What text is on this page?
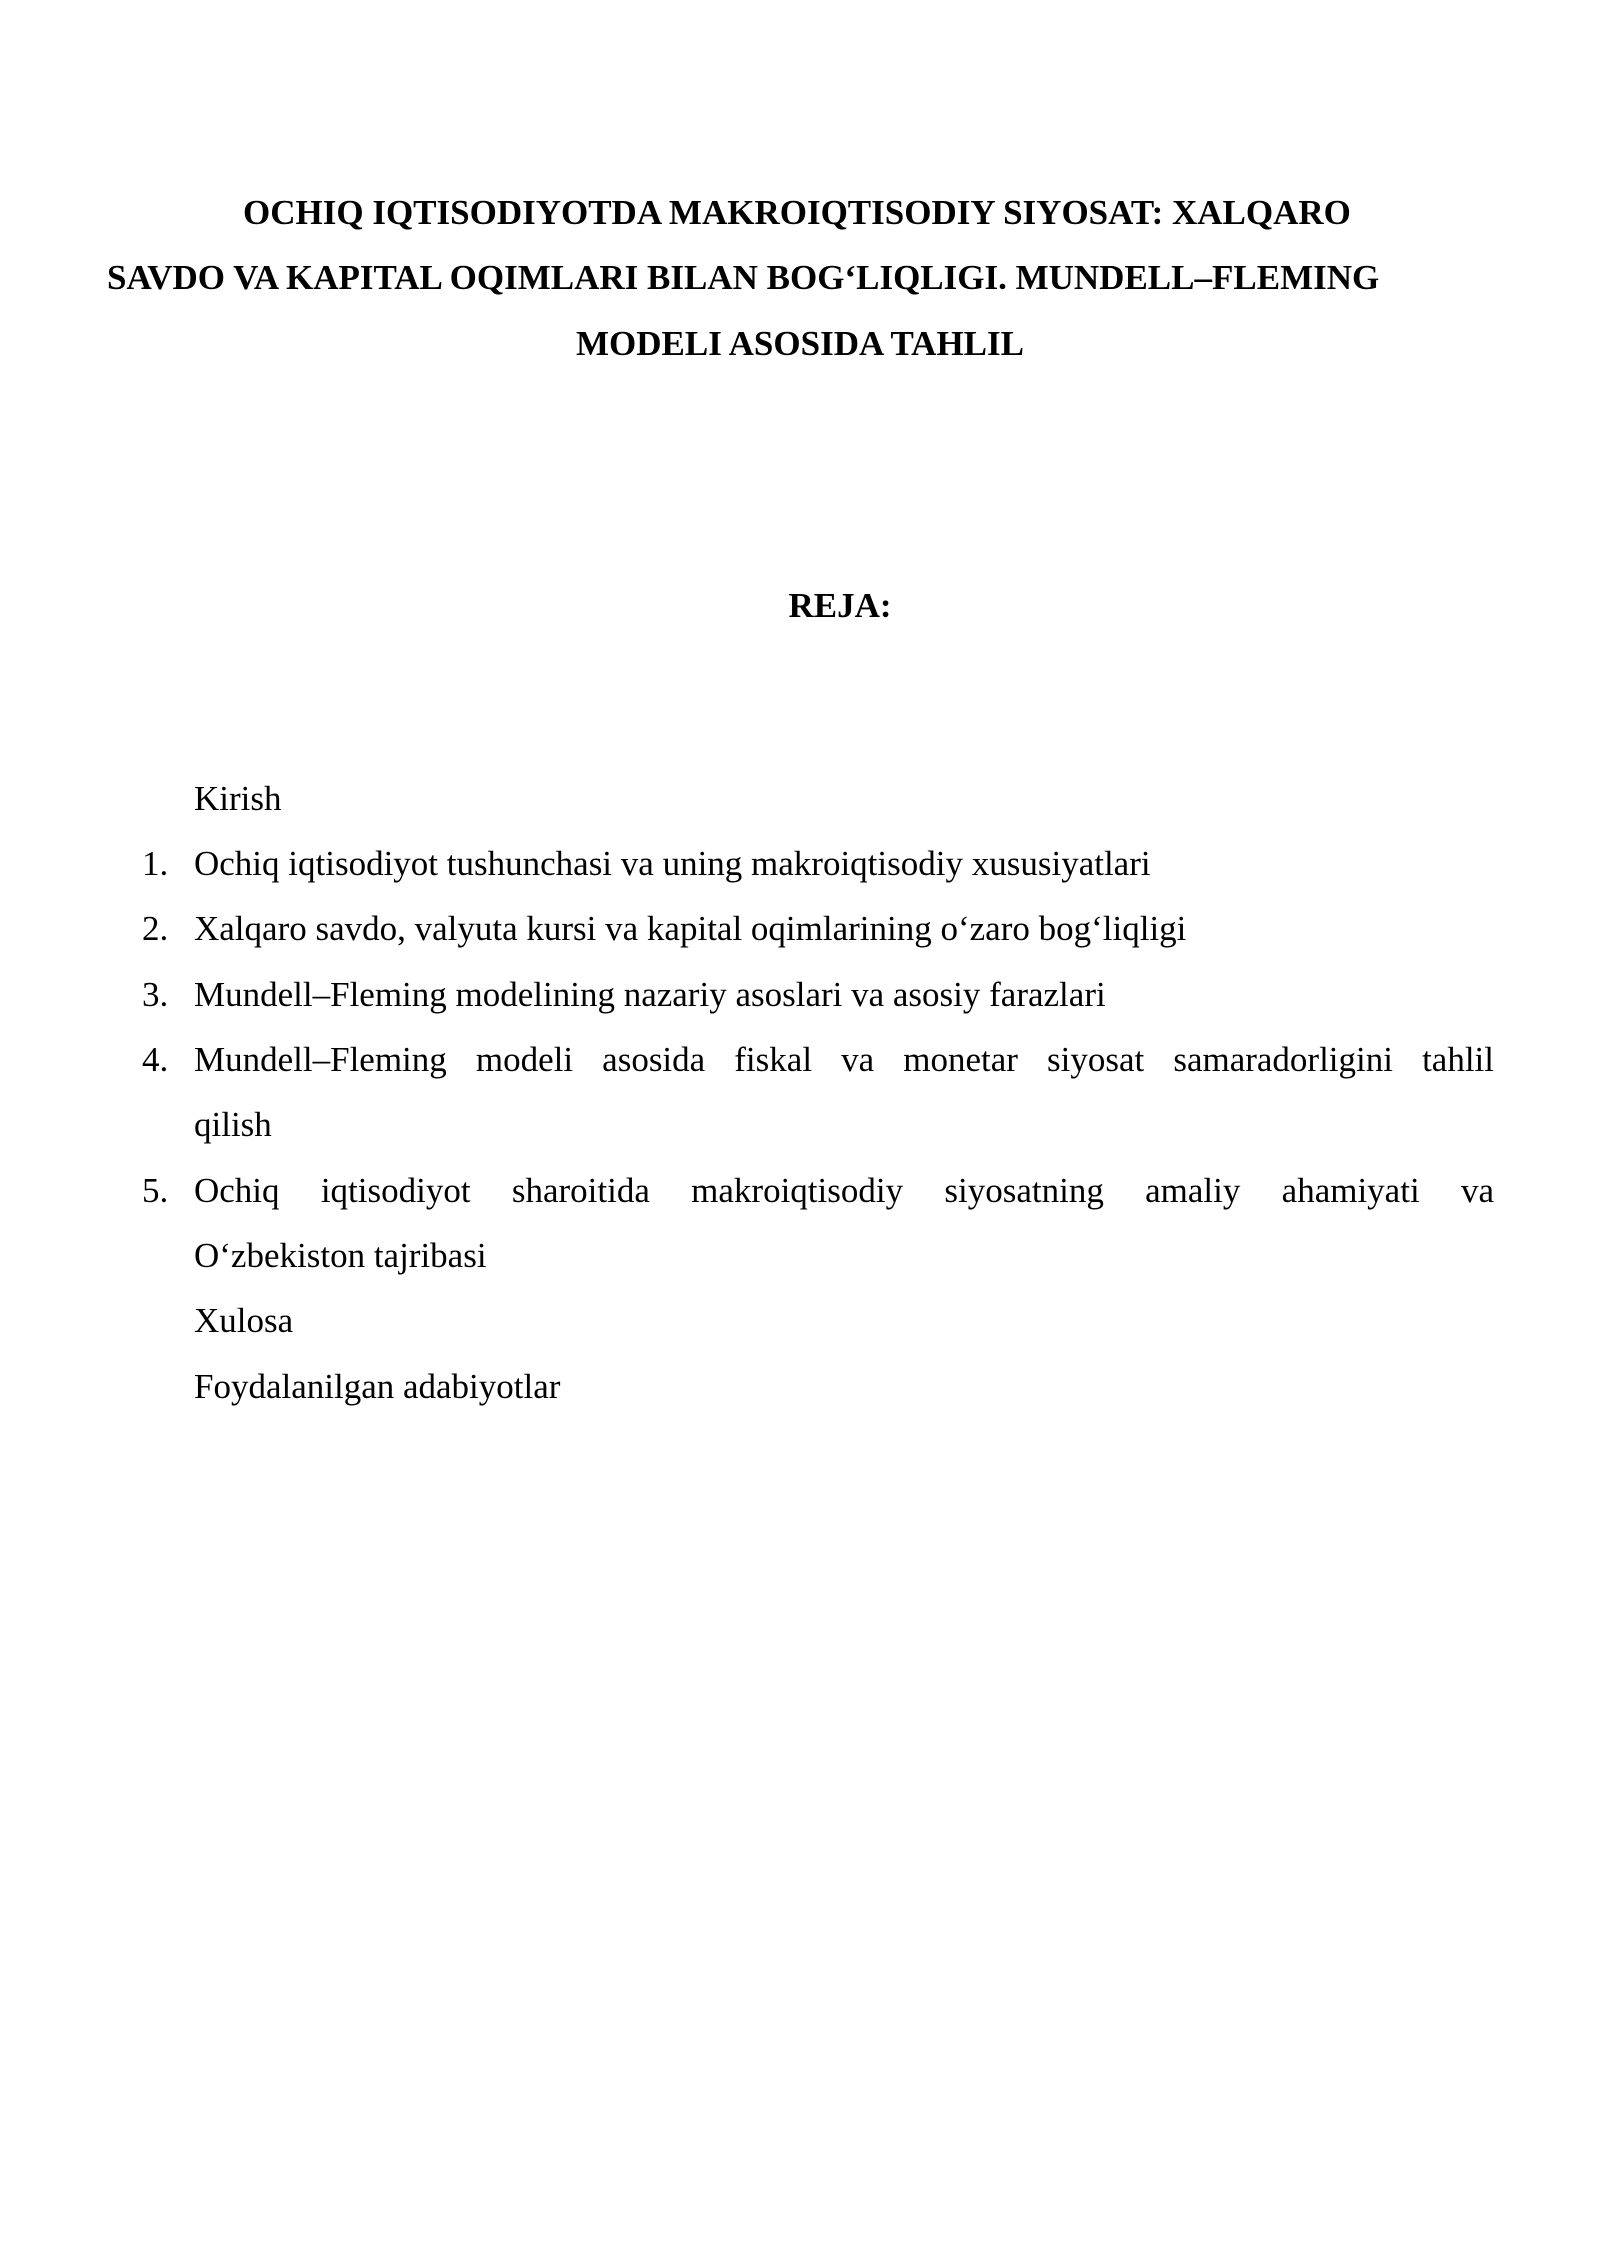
OCHIQ IQTISODIYOTDA MAKROIQTISODIY SIYOSAT: XALQARO
SAVDO VA KAPITAL OQIMLARI BILAN BOG‘LIQLIGI. MUNDELL–FLEMING
MODELI ASOSIDA TAHLIL
REJA:
Kirish
1. Ochiq iqtisodiyot tushunchasi va uning makroiqtisodiy xususiyatlari
2. Xalqaro savdo, valyuta kursi va kapital oqimlarining o‘zaro bog‘liqligi
3. Mundell–Fleming modelining nazariy asoslari va asosiy farazlari
4. Mundell–Fleming modeli asosida fiskal va monetar siyosat samaradorligini tahlil
qilish
5. Ochiq iqtisodiyot sharoitida makroiqtisodiy siyosatning amaliy ahamiyati va
O‘zbekiston tajribasi
Xulosa
Foydalanilgan adabiyotlar
